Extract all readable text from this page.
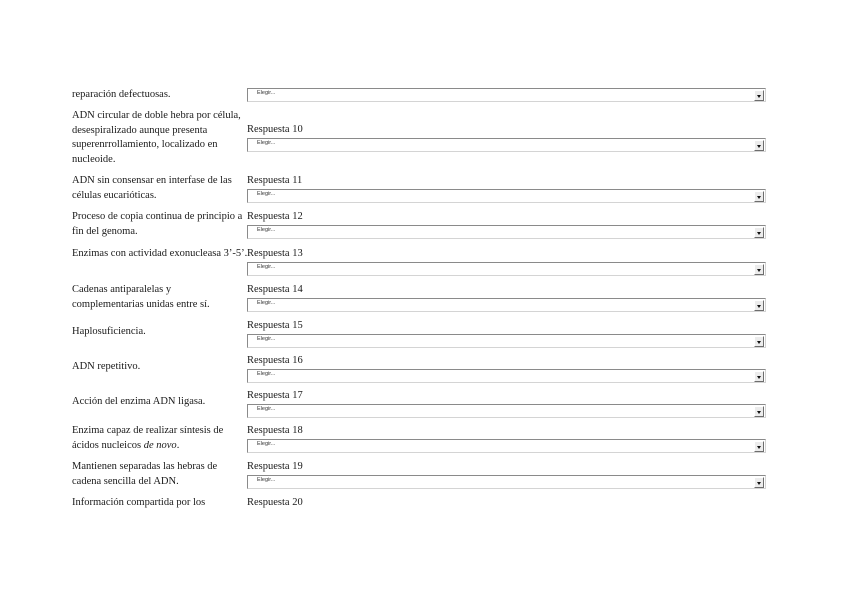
reparación defectuosas.	Elegir...
ADN circular de doble hebra por célula, desespiralizado aunque presenta superenrrollamiento, localizado en nucleoide.
Respuesta 10
Elegir...
ADN sin consensar en interfase de las células eucarióticas.
Respuesta 11
Elegir...
Proceso de copia continua de principio a fin del genoma.
Respuesta 12
Elegir...
Enzimas con actividad exonucleasa 3’-5’. Respuesta 13
Elegir...
Cadenas antiparalelas y complementarias unidas entre sí.
Respuesta 14
Elegir...
Haplosuficiencia.
Respuesta 15
Elegir...
ADN repetitivo.
Respuesta 16
Elegir...
Acción del enzima ADN ligasa.
Respuesta 17
Elegir...
Enzima capaz de realizar síntesis de ácidos nucleicos de novo.
Respuesta 18
Elegir...
Mantienen separadas las hebras de cadena sencilla del ADN.
Respuesta 19
Elegir...
Información compartida por los	Respuesta 20
